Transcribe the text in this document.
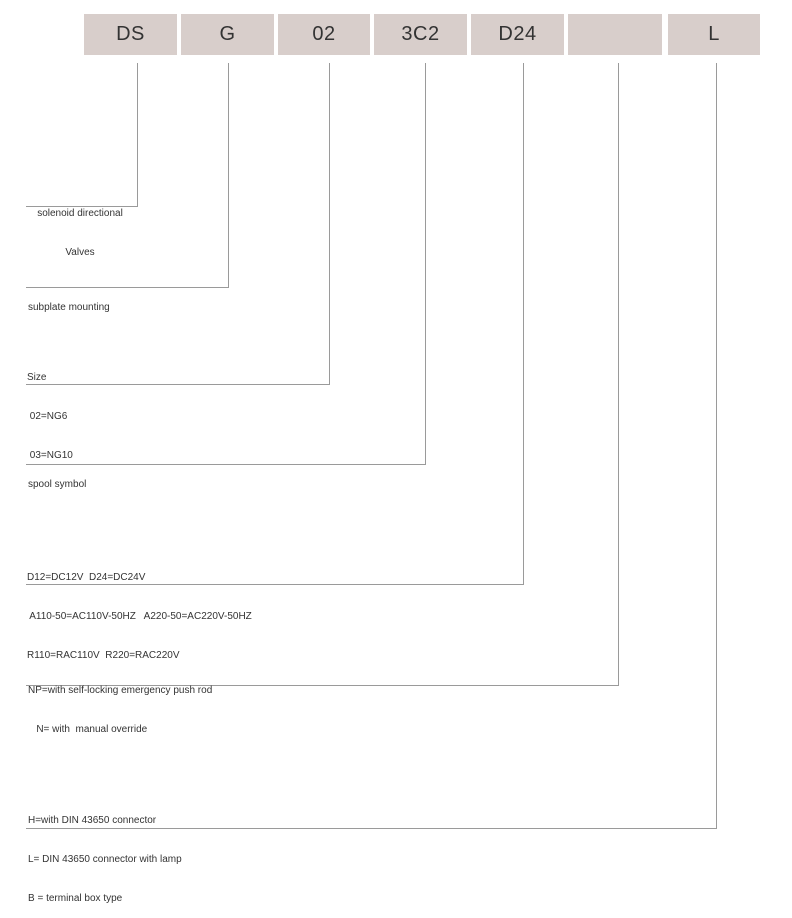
DS	G	02	3C2	D24	L

solenoid directional

Valves

subplate mounting

Size

02=NG6

03=NG10

spool symbol

D12=DC12V  D24=DC24V

A110-50=AC110V-50HZ   A220-50=AC220V-50HZ

R110=RAC110V  R220=RAC220V

NP=with self-locking emergency push rod

N= with  manual override

H=with DIN 43650 connector

L= DIN 43650 connector with lamp

B = terminal box type
